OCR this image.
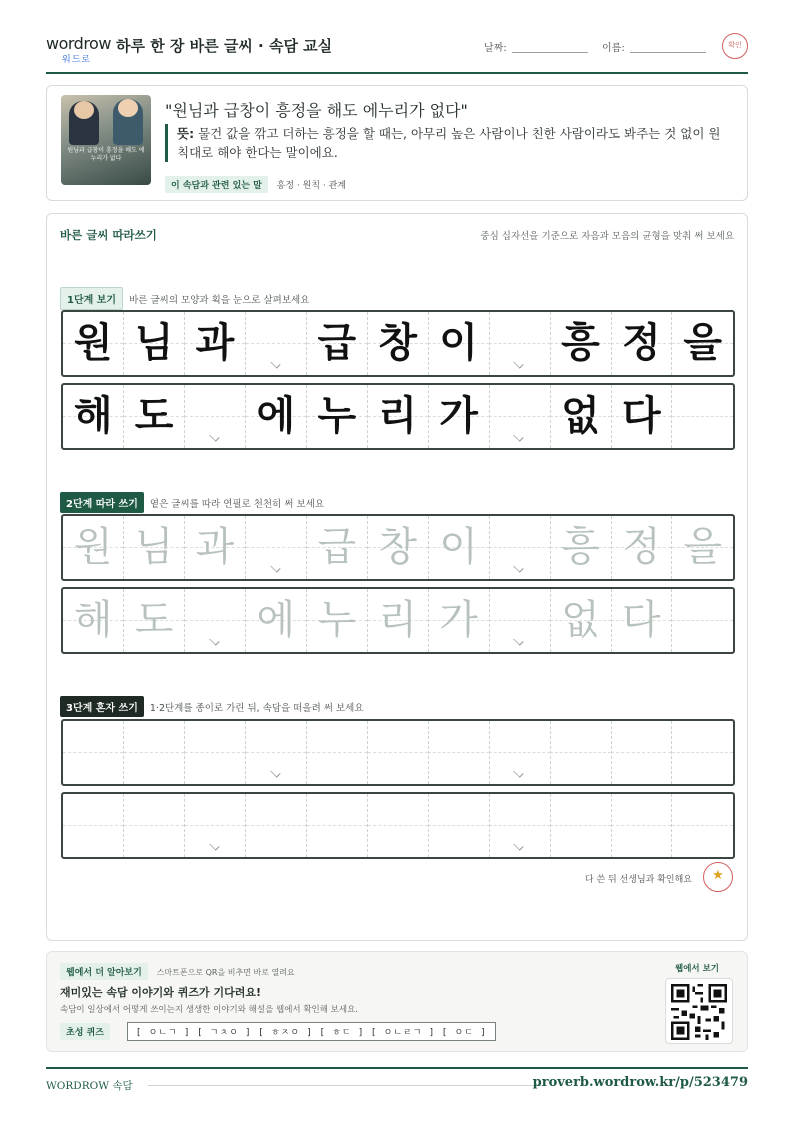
wordrow
워드로
하루 한 장 바른 글씨 · 속담 교실	날짜:	이름:	확인
원님과 급창이 흥정을 해도 에누리가 없다
"원님과 급창이 흥정을 해도 에누리가 없다"
뜻: 물건 값을 깎고 더하는 흥정을 할 때는, 아무리 높은 사람이나 친한 사람이라도 봐주는 것 없이 원칙대로 해야 한다는 말이에요.
이 속담과 관련 있는 말 흥정 · 원칙 · 관계
바른 글씨 따라쓰기	중심 십자선을 기준으로 자음과 모음의 균형을 맞춰 써 보세요
1단계 보기 바른 글씨의 모양과 획을 눈으로 살펴보세요
원 님 과 급 창 이 흥 정 을
해 도 에 누 리 가 없 다
2단계 따라 쓰기 옅은 글씨를 따라 연필로 천천히 써 보세요
원 님 과 급 창 이 흥 정 을
해 도 에 누 리 가 없 다
3단계 혼자 쓰기 1·2단계를 종이로 가린 뒤, 속담을 떠올려 써 보세요
다 쓴 뒤 선생님과 확인해요	★
웹에서 더 알아보기 스마트폰으로 QR을 비추면 바로 열려요
재미있는 속담 이야기와 퀴즈가 기다려요!
속담이 일상에서 어떻게 쓰이는지 생생한 이야기와 해설을 웹에서 확인해 보세요.
초성 퀴즈	[ ㅇㄴㄱ ] [ ㄱㅊㅇ ] [ ㅎㅈㅇ ] [ ㅎㄷ ] [ ㅇㄴㄹㄱ ] [ ㅇㄷ ]
웹에서 보기
WORDROW 속담	proverb.wordrow.kr/p/523479
